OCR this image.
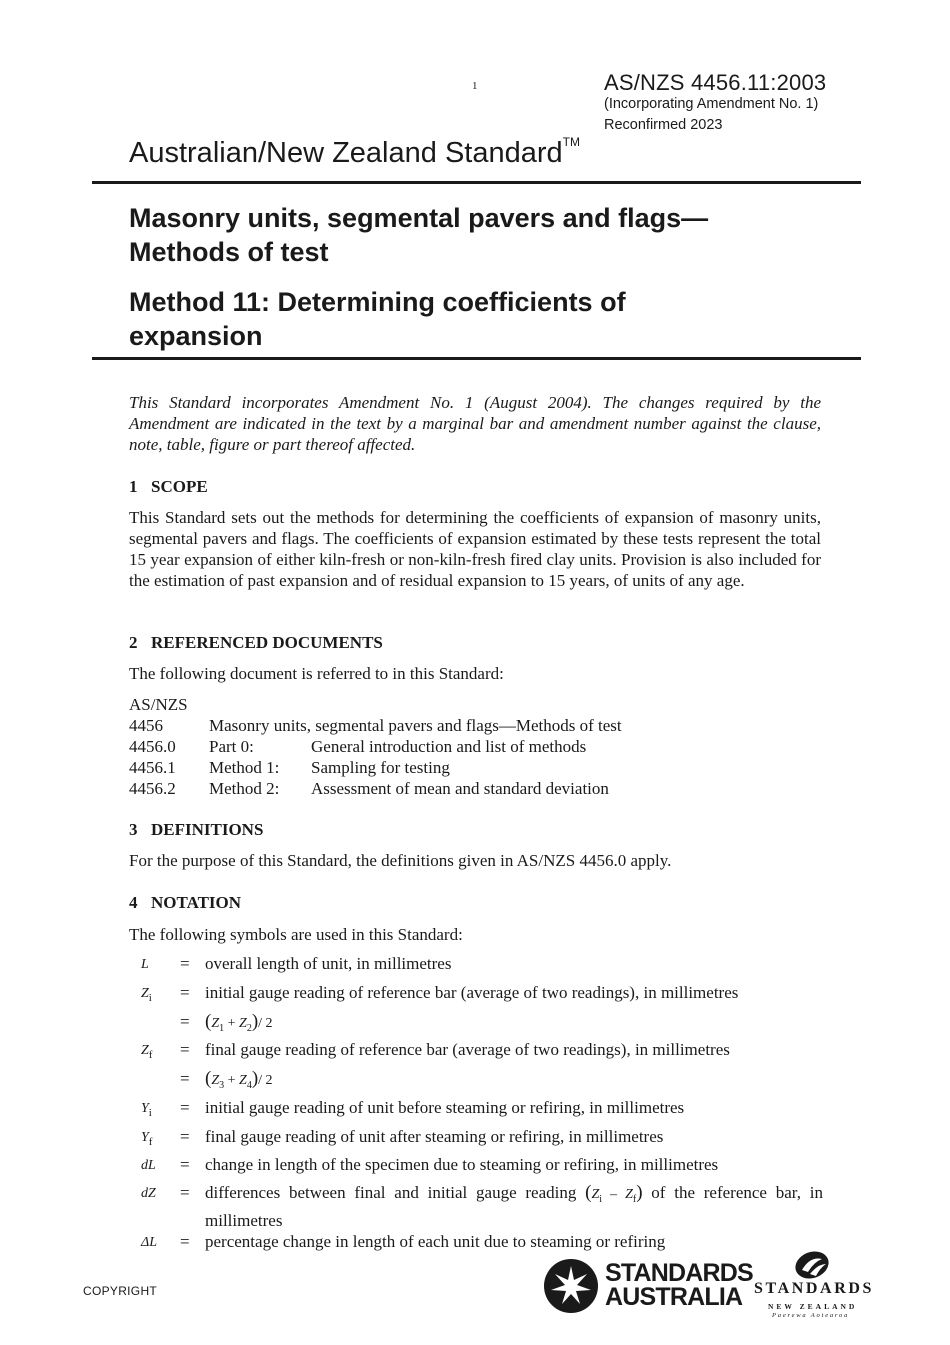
1	AS/NZS 4456.11:2003
(Incorporating Amendment No. 1)
Reconfirmed 2023
Australian/New Zealand Standard™
Masonry units, segmental pavers and flags—
Methods of test
Method 11: Determining coefficients of
expansion
This Standard incorporates Amendment No. 1 (August 2004). The changes required by the Amendment are indicated in the text by a marginal bar and amendment number against the clause, note, table, figure or part thereof affected.
1 SCOPE
This Standard sets out the methods for determining the coefficients of expansion of masonry units, segmental pavers and flags. The coefficients of expansion estimated by these tests represent the total 15 year expansion of either kiln-fresh or non-kiln-fresh fired clay units. Provision is also included for the estimation of past expansion and of residual expansion to 15 years, of units of any age.
2 REFERENCED DOCUMENTS
The following document is referred to in this Standard:
AS/NZS
4456	Masonry units, segmental pavers and flags—Methods of test
4456.0 Part 0:	General introduction and list of methods
4456.1 Method 1: Sampling for testing
4456.2 Method 2: Assessment of mean and standard deviation
3 DEFINITIONS
For the purpose of this Standard, the definitions given in AS/NZS 4456.0 apply.
4 NOTATION
The following symbols are used in this Standard:
L = overall length of unit, in millimetres
$Z_i$ = initial gauge reading of reference bar (average of two readings), in millimetres
= $(Z_1 + Z_2)/$ 2
$Z_f$ = final gauge reading of reference bar (average of two readings), in millimetres
= $(Z_3 + Z_4)/$ 2
$Y_i$ = initial gauge reading of unit before steaming or refiring, in millimetres
$Y_f$ = final gauge reading of unit after steaming or refiring, in millimetres
dL = change in length of the specimen due to steaming or refiring, in millimetres
dZ = differences between final and initial gauge reading $(Z_i - Z_f)$ of the reference bar, in millimetres
ΔL = percentage change in length of each unit due to steaming or refiring
COPYRIGHT
STANDARDS
AUSTRALIA STANDARDS
NEW ZEALAND
Paerewa Aotearoa
